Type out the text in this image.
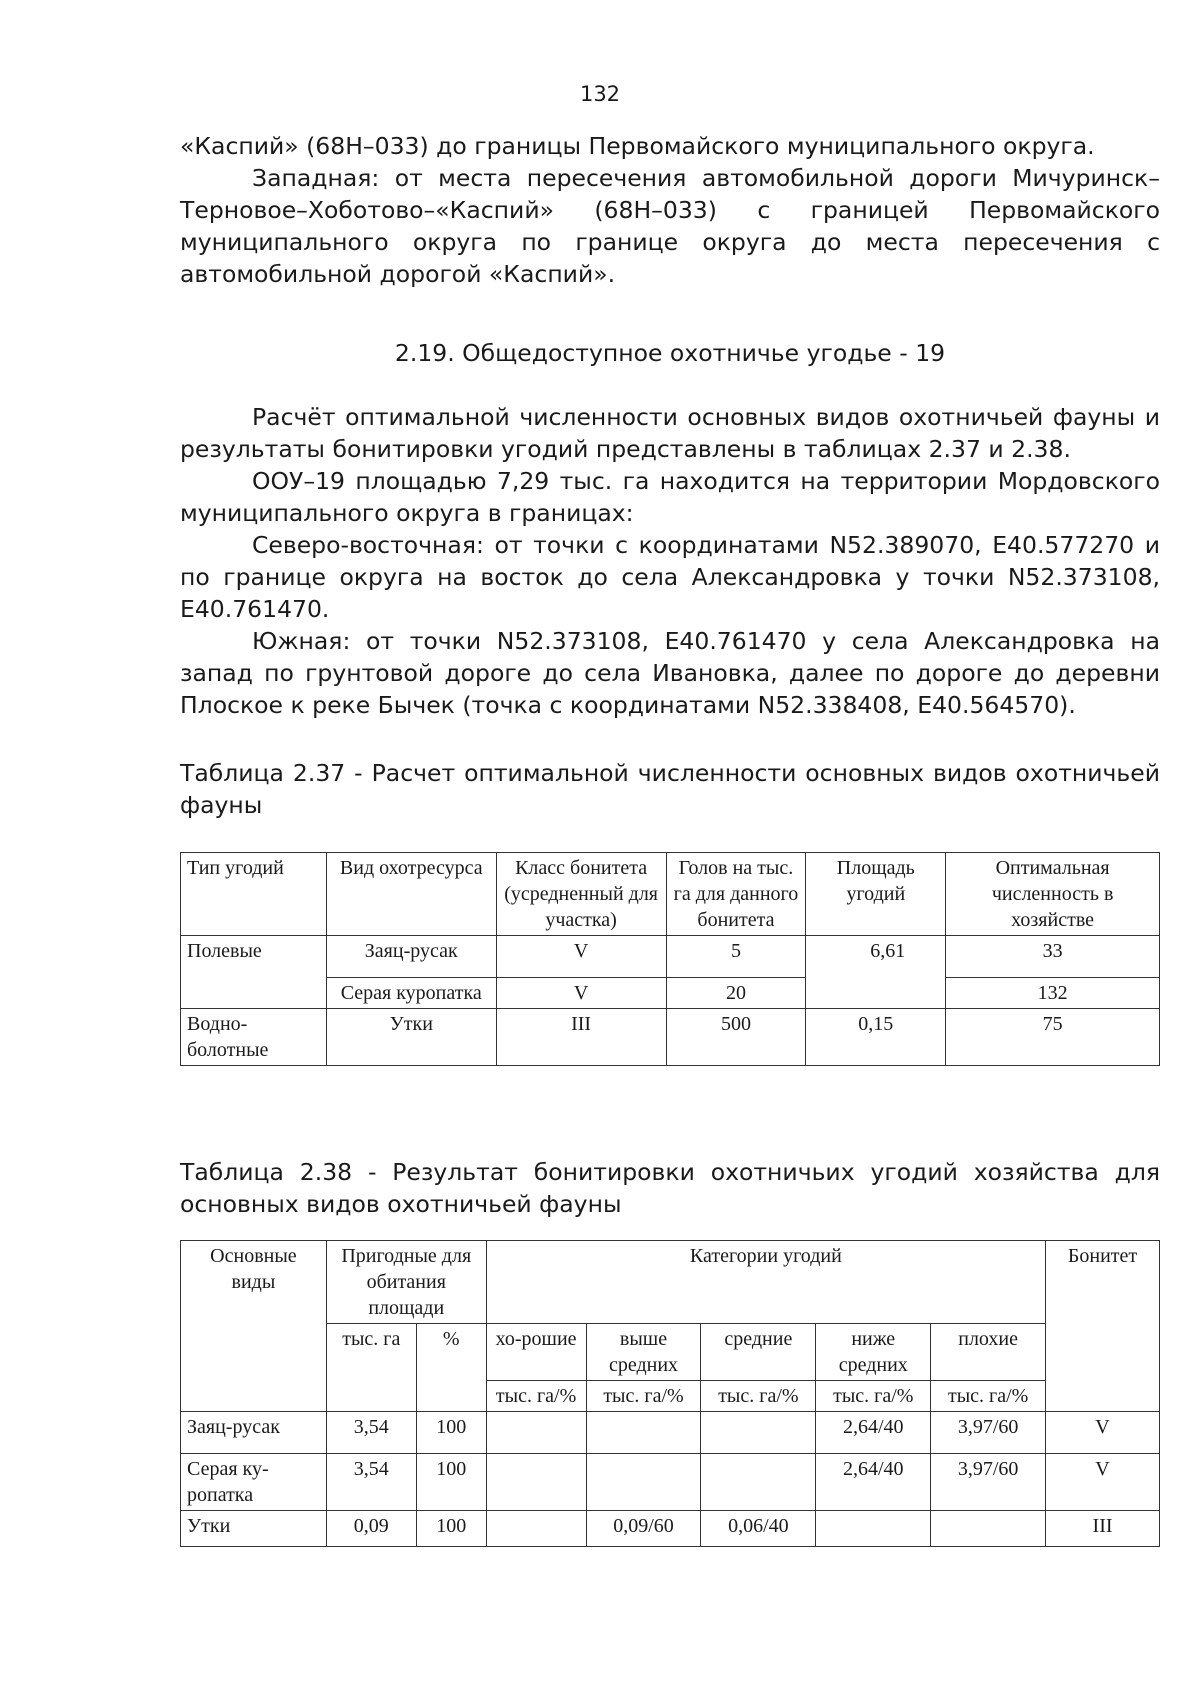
132

«Каспий» (68Н–033) до границы Первомайского муниципального округа.

Западная: от места пересечения автомобильной дороги Мичуринск–Терновое–Хоботово–«Каспий» (68Н–033) с границей Первомайского муниципального округа по границе округа до места пересечения с автомобильной дорогой «Каспий».

2.19. Общедоступное охотничье угодье - 19

Расчёт оптимальной численности основных видов охотничьей фауны и результаты бонитировки угодий представлены в таблицах 2.37 и 2.38.

ООУ–19 площадью 7,29 тыс. га находится на территории Мордовского муниципального округа в границах:

Северо-восточная: от точки с координатами N52.389070, Е40.577270 и по границе округа на восток до села Александровка у точки N52.373108, Е40.761470.

Южная: от точки N52.373108, Е40.761470 у села Александровка на запад по грунтовой дороге до села Ивановка, далее по дороге до деревни Плоское к реке Бычек (точка с координатами N52.338408, Е40.564570).

Таблица 2.37 - Расчет оптимальной численности основных видов охотничьей фауны
Тип угодий	Вид охотресурса	Класс бонитета (усредненный для участка)	Голов на тыс. га для данного бонитета	Площадь угодий	Оптимальная численность в хозяйстве
Полевые	Заяц-русак	V	5	6,61	33
	Серая куропатка	V	20		132
Водно-болотные	Утки	III	500	0,15	75
Таблица 2.38 - Результат бонитировки охотничьих угодий хозяйства для основных видов охотничьей фауны
Основные виды	Пригодные для обитания площади		Категории угодий					Бонитет
	тыс. га	%	хо-рошие	выше средних	средние	ниже средних	плохие	
			тыс. га/%	тыс. га/%	тыс. га/%	тыс. га/%	тыс. га/%	
Заяц-русак	3,54	100				2,64/40	3,97/60	V
Серая ку-ропатка	3,54	100				2,64/40	3,97/60	V
Утки	0,09	100		0,09/60	0,06/40			III
